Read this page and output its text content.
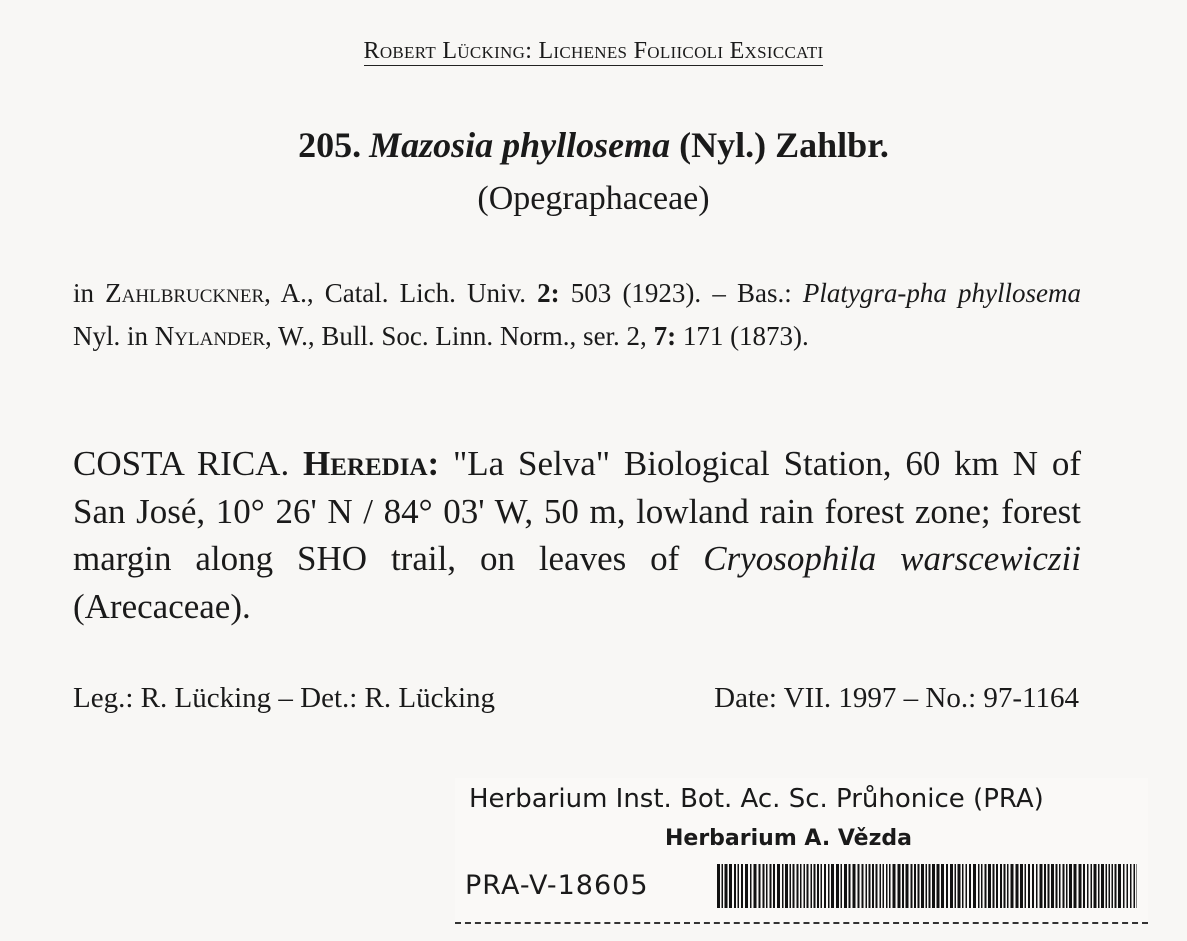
Robert Lücking: Lichenes Foliicoli Exsiccati
205. Mazosia phyllosema (Nyl.) Zahlbr.
(Opegraphaceae)
in Zahlbruckner, A., Catal. Lich. Univ. 2: 503 (1923). – Bas.: Platygra-pha phyllosema Nyl. in Nylander, W., Bull. Soc. Linn. Norm., ser. 2, 7: 171 (1873).
COSTA RICA. Heredia: "La Selva" Biological Station, 60 km N of San José, 10° 26' N / 84° 03' W, 50 m, lowland rain forest zone; forest margin along SHO trail, on leaves of Cryosophila warscewiczii (Arecaceae).
Leg.: R. Lücking – Det.: R. Lücking	Date: VII. 1997 – No.: 97-1164
Herbarium Inst. Bot. Ac. Sc. Průhonice (PRA)
Herbarium A. Vězda
PRA-V-18605
